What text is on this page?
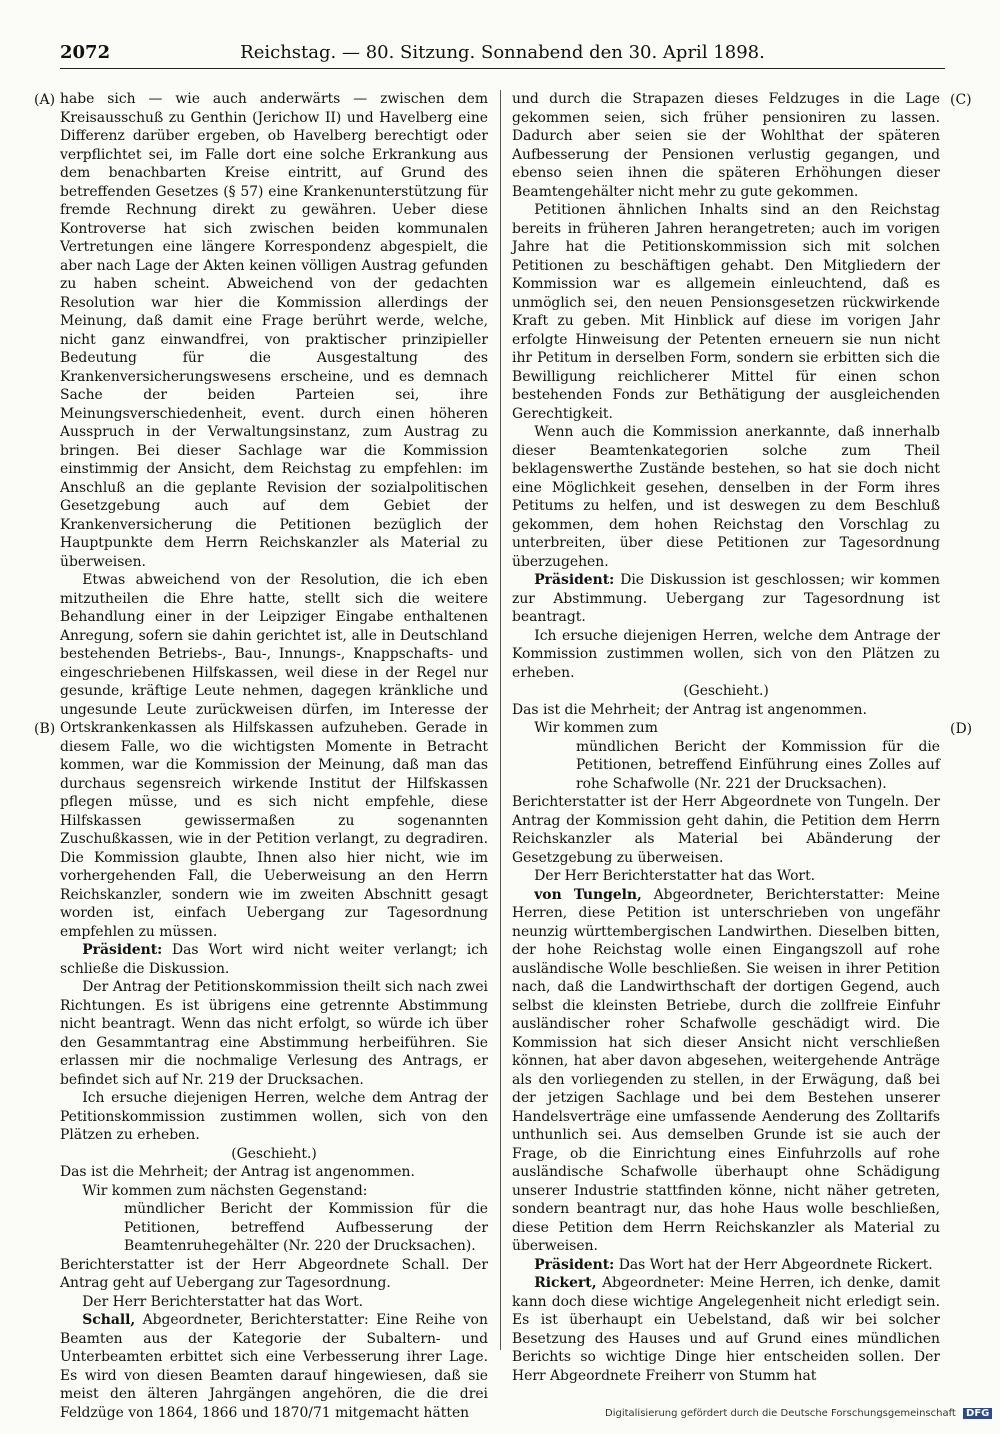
2072	Reichstag. — 80. Sitzung. Sonnabend den 30. April 1898.
(A)
(B)
(C)
(D)

habe sich — wie auch anderwärts — zwischen dem Kreisausschuß zu Genthin (Jerichow II) und Havelberg eine Differenz darüber ergeben, ob Havelberg berechtigt oder verpflichtet sei, im Falle dort eine solche Erkrankung aus dem benachbarten Kreise eintritt, auf Grund des betreffenden Gesetzes (§ 57) eine Krankenunterstützung für fremde Rechnung direkt zu gewähren. Ueber diese Kontroverse hat sich zwischen beiden kommunalen Vertretungen eine längere Korrespondenz abgespielt, die aber nach Lage der Akten keinen völligen Austrag gefunden zu haben scheint. Abweichend von der gedachten Resolution war hier die Kommission allerdings der Meinung, daß damit eine Frage berührt werde, welche, nicht ganz einwandfrei, von praktischer prinzipieller Bedeutung für die Ausgestaltung des Krankenversicherungswesens erscheine, und es demnach Sache der beiden Parteien sei, ihre Meinungsverschiedenheit, event. durch einen höheren Ausspruch in der Verwaltungsinstanz, zum Austrag zu bringen. Bei dieser Sachlage war die Kommission einstimmig der Ansicht, dem Reichstag zu empfehlen: im Anschluß an die geplante Revision der sozialpolitischen Gesetzgebung auch auf dem Gebiet der Krankenversicherung die Petitionen bezüglich der Hauptpunkte dem Herrn Reichskanzler als Material zu überweisen.

Etwas abweichend von der Resolution, die ich eben mitzutheilen die Ehre hatte, stellt sich die weitere Behandlung einer in der Leipziger Eingabe enthaltenen Anregung, sofern sie dahin gerichtet ist, alle in Deutschland bestehenden Betriebs-, Bau-, Innungs-, Knappschafts- und eingeschriebenen Hilfskassen, weil diese in der Regel nur gesunde, kräftige Leute nehmen, dagegen kränkliche und ungesunde Leute zurückweisen dürfen, im Interesse der Ortskrankenkassen als Hilfskassen aufzuheben. Gerade in diesem Falle, wo die wichtigsten Momente in Betracht kommen, war die Kommission der Meinung, daß man das durchaus segensreich wirkende Institut der Hilfskassen pflegen müsse, und es sich nicht empfehle, diese Hilfskassen gewissermaßen zu sogenannten Zuschußkassen, wie in der Petition verlangt, zu degradiren. Die Kommission glaubte, Ihnen also hier nicht, wie im vorhergehenden Fall, die Ueberweisung an den Herrn Reichskanzler, sondern wie im zweiten Abschnitt gesagt worden ist, einfach Uebergang zur Tagesordnung empfehlen zu müssen.

Präsident: Das Wort wird nicht weiter verlangt; ich schließe die Diskussion.

Der Antrag der Petitionskommission theilt sich nach zwei Richtungen. Es ist übrigens eine getrennte Abstimmung nicht beantragt. Wenn das nicht erfolgt, so würde ich über den Gesammtantrag eine Abstimmung herbeiführen. Sie erlassen mir die nochmalige Verlesung des Antrags, er befindet sich auf Nr. 219 der Drucksachen.

Ich ersuche diejenigen Herren, welche dem Antrag der Petitionskommission zustimmen wollen, sich von den Plätzen zu erheben.

(Geschieht.)

Das ist die Mehrheit; der Antrag ist angenommen.

Wir kommen zum nächsten Gegenstand:

mündlicher Bericht der Kommission für die Petitionen, betreffend Aufbesserung der Beamtenruhegehälter (Nr. 220 der Drucksachen).

Berichterstatter ist der Herr Abgeordnete Schall. Der Antrag geht auf Uebergang zur Tagesordnung.

Der Herr Berichterstatter hat das Wort.

Schall, Abgeordneter, Berichterstatter: Eine Reihe von Beamten aus der Kategorie der Subaltern- und Unterbeamten erbittet sich eine Verbesserung ihrer Lage. Es wird von diesen Beamten darauf hingewiesen, daß sie meist den älteren Jahrgängen angehören, die die drei Feldzüge von 1864, 1866 und 1870/71 mitgemacht hätten

und durch die Strapazen dieses Feldzuges in die Lage gekommen seien, sich früher pensioniren zu lassen. Dadurch aber seien sie der Wohlthat der späteren Aufbesserung der Pensionen verlustig gegangen, und ebenso seien ihnen die späteren Erhöhungen dieser Beamtengehälter nicht mehr zu gute gekommen.

Petitionen ähnlichen Inhalts sind an den Reichstag bereits in früheren Jahren herangetreten; auch im vorigen Jahre hat die Petitionskommission sich mit solchen Petitionen zu beschäftigen gehabt. Den Mitgliedern der Kommission war es allgemein einleuchtend, daß es unmöglich sei, den neuen Pensionsgesetzen rückwirkende Kraft zu geben. Mit Hinblick auf diese im vorigen Jahr erfolgte Hinweisung der Petenten erneuern sie nun nicht ihr Petitum in derselben Form, sondern sie erbitten sich die Bewilligung reichlicherer Mittel für einen schon bestehenden Fonds zur Bethätigung der ausgleichenden Gerechtigkeit.

Wenn auch die Kommission anerkannte, daß innerhalb dieser Beamtenkategorien solche zum Theil beklagenswerthe Zustände bestehen, so hat sie doch nicht eine Möglichkeit gesehen, denselben in der Form ihres Petitums zu helfen, und ist deswegen zu dem Beschluß gekommen, dem hohen Reichstag den Vorschlag zu unterbreiten, über diese Petitionen zur Tagesordnung überzugehen.

Präsident: Die Diskussion ist geschlossen; wir kommen zur Abstimmung. Uebergang zur Tagesordnung ist beantragt.

Ich ersuche diejenigen Herren, welche dem Antrage der Kommission zustimmen wollen, sich von den Plätzen zu erheben.

(Geschieht.)

Das ist die Mehrheit; der Antrag ist angenommen.

Wir kommen zum

mündlichen Bericht der Kommission für die Petitionen, betreffend Einführung eines Zolles auf rohe Schafwolle (Nr. 221 der Drucksachen).

Berichterstatter ist der Herr Abgeordnete von Tungeln. Der Antrag der Kommission geht dahin, die Petition dem Herrn Reichskanzler als Material bei Abänderung der Gesetzgebung zu überweisen.

Der Herr Berichterstatter hat das Wort.

von Tungeln, Abgeordneter, Berichterstatter: Meine Herren, diese Petition ist unterschrieben von ungefähr neunzig württembergischen Landwirthen. Dieselben bitten, der hohe Reichstag wolle einen Eingangszoll auf rohe ausländische Wolle beschließen. Sie weisen in ihrer Petition nach, daß die Landwirthschaft der dortigen Gegend, auch selbst die kleinsten Betriebe, durch die zollfreie Einfuhr ausländischer roher Schafwolle geschädigt wird. Die Kommission hat sich dieser Ansicht nicht verschließen können, hat aber davon abgesehen, weitergehende Anträge als den vorliegenden zu stellen, in der Erwägung, daß bei der jetzigen Sachlage und bei dem Bestehen unserer Handelsverträge eine umfassende Aenderung des Zolltarifs unthunlich sei. Aus demselben Grunde ist sie auch der Frage, ob die Einrichtung eines Einfuhrzolls auf rohe ausländische Schafwolle überhaupt ohne Schädigung unserer Industrie stattfinden könne, nicht näher getreten, sondern beantragt nur, das hohe Haus wolle beschließen, diese Petition dem Herrn Reichskanzler als Material zu überweisen.

Präsident: Das Wort hat der Herr Abgeordnete Rickert.

Rickert, Abgeordneter: Meine Herren, ich denke, damit kann doch diese wichtige Angelegenheit nicht erledigt sein. Es ist überhaupt ein Uebelstand, daß wir bei solcher Besetzung des Hauses und auf Grund eines mündlichen Berichts so wichtige Dinge hier entscheiden sollen. Der Herr Abgeordnete Freiherr von Stumm hat

Digitalisierung gefördert durch die Deutsche Forschungsgemeinschaft DFG
